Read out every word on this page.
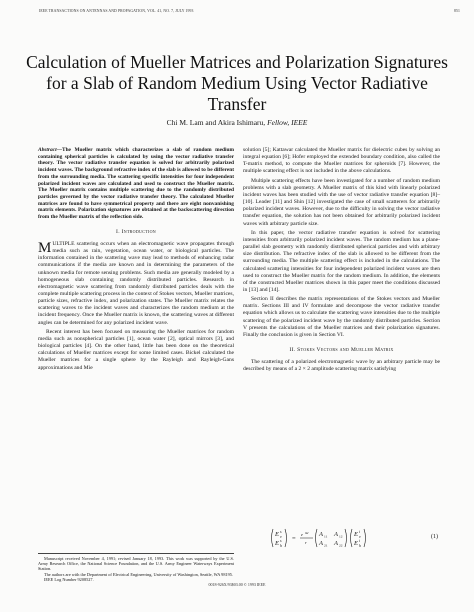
IEEE TRANSACTIONS ON ANTENNAS AND PROPAGATION, VOL. 41, NO. 7, JULY 1993	851
Calculation of Mueller Matrices and Polarization Signatures for a Slab of Random Medium Using Vector Radiative Transfer
Chi M. Lam and Akira Ishimaru, Fellow, IEEE

Abstract—The Mueller matrix which characterizes a slab of random medium containing spherical particles is calculated by using the vector radiative transfer theory. The vector radiative transfer equation is solved for arbitrarily polarized incident waves. The background refractive index of the slab is allowed to be different from the surrounding media. The scattering specific intensities for four independent polarized incident waves are calculated and used to construct the Mueller matrix. The Mueller matrix contains multiple scattering due to the randomly distributed particles governed by the vector radiative transfer theory. The calculated Mueller matrices are found to have symmetrical property and there are eight nonvanishing matrix elements. Polarization signatures are obtained at the backscattering direction from the Mueller matrix of the reflection side.

I. Introduction

MULTIPLE scattering occurs when an electromagnetic wave propagates through media such as rain, vegetation, ocean water, or biological particles. The information contained in the scattering wave may lead to methods of enhancing radar communications if the media are known and in determining the parameters of the unknown media for remote sensing problems. Such media are generally modeled by a homogeneous slab containing randomly distributed particles. Research in electromagnetic wave scattering from randomly distributed particles deals with the complete multiple scattering process in the context of Stokes vectors, Mueller matrices, particle sizes, refractive index, and polarization states. The Mueller matrix relates the scattering waves to the incident waves and characterizes the random medium at the incident frequency. Once the Mueller matrix is known, the scattering waves at different angles can be determined for any polarized incident wave.

Recent interest has been focused on measuring the Mueller matrices for random media such as nonspherical particles [1], ocean water [2], optical mirrors [3], and biological particles [4]. On the other hand, little has been done on the theoretical calculations of Mueller matrices except for some limited cases. Bickel calculated the Mueller matrices for a single sphere by the Rayleigh and Rayleigh-Gans approximations and Mie

solution [5]; Kattawar calculated the Mueller matrix for dielectric cubes by solving an integral equation [6]; Hofer employed the extended boundary condition, also called the T-matrix method, to compute the Mueller matrices for spheroids [7]. However, the multiple scattering effect is not included in the above calculations.

Multiple scattering effects have been investigated for a number of random medium problems with a slab geometry. A Mueller matrix of this kind with linearly polarized incident waves has been studied with the use of vector radiative transfer equation [8]–[10]. Leader [11] and Shin [12] investigated the case of small scatterers for arbitrarily polarized incident waves. However, due to the difficulty in solving the vector radiative transfer equation, the solution has not been obtained for arbitrarily polarized incident waves with arbitrary particle size.

In this paper, the vector radiative transfer equation is solved for scattering intensities from arbitrarily polarized incident waves. The random medium has a plane-parallel slab geometry with randomly distributed spherical particles and with arbitrary size distribution. The refractive index of the slab is allowed to be different from the surrounding media. The multiple scattering effect is included in the calculations. The calculated scattering intensities for four independent polarized incident waves are then used to construct the Mueller matrix for the random medium. In addition, the elements of the constructed Mueller matrices shown in this paper meet the conditions discussed in [13] and [14].

Section II describes the matrix representations of the Stokes vectors and Mueller matrix. Sections III and IV formulate and decompose the vector radiative transfer equation which allows us to calculate the scattering wave intensities due to the multiple scattering of the polarized incident wave by the randomly distributed particles. Section V presents the calculations of the Mueller matrices and their polarization signatures. Finally the conclusion is given in Section VI.

II. Stokes Vectors and Mueller Matrix

The scattering of a polarized electromagnetic wave by an arbitrary particle may be described by means of a 2 × 2 amplitude scattering matrix satisfying

E s
v
E s
h
=
e ikr
r
A 11 A 12
A 21 A 22
E i
v
E i
h
(1)

Manuscript received November 4, 1991; revised January 18, 1993. This work was supported by the U.S. Army Research Office, the National Science Foundation, and the U.S. Army Engineer Waterways Experiment Station.

The authors are with the Department of Electrical Engineering, University of Washington, Seattle, WA 98195.

IEEE Log Number 9208527.

0018-926X/93$03.00 © 1993 IEEE
